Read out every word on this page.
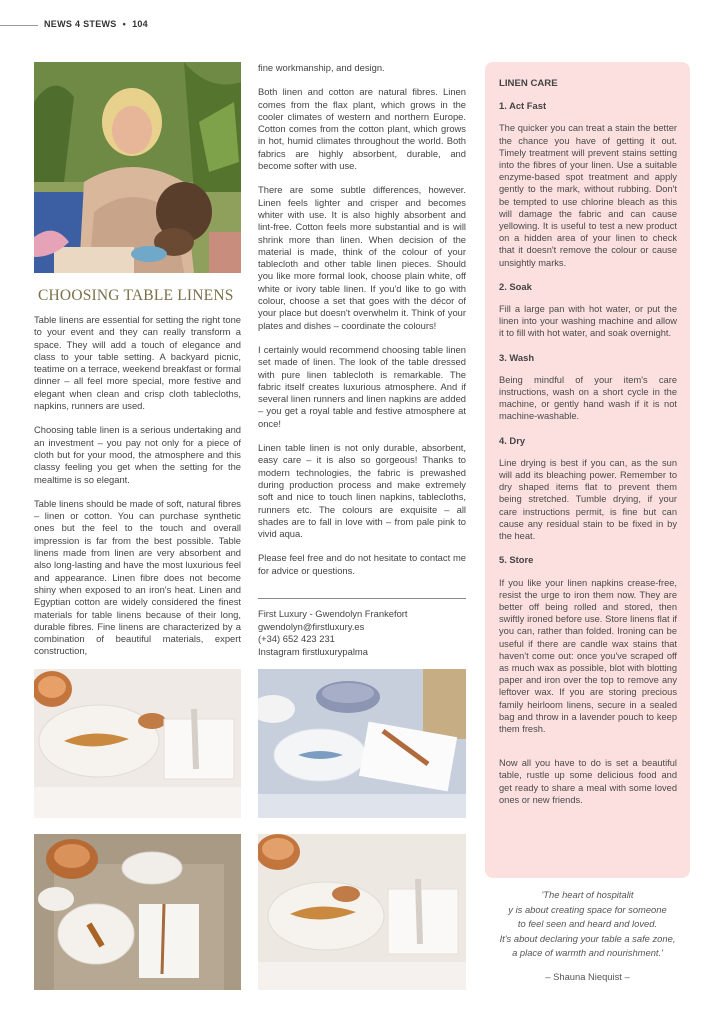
NEWS 4 STEWS • 104
CHOOSING TABLE LINENS

Table linens are essential for setting the right tone to your event and they can really transform a space. They will add a touch of elegance and class to your table setting. A backyard picnic, teatime on a terrace, weekend breakfast or formal dinner – all feel more special, more festive and elegant when clean and crisp cloth tablecloths, napkins, runners are used.

Choosing table linen is a serious undertaking and an investment – you pay not only for a piece of cloth but for your mood, the atmosphere and this classy feeling you get when the setting for the mealtime is so elegant.

Table linens should be made of soft, natural fibres – linen or cotton. You can purchase synthetic ones but the feel to the touch and overall impression is far from the best possible. Table linens made from linen are very absorbent and also long-lasting and have the most luxurious feel and appearance. Linen fibre does not become shiny when exposed to an iron's heat. Linen and Egyptian cotton are widely considered the finest materials for table linens because of their long, durable fibres. Fine linens are characterized by a combination of beautiful materials, expert construction,

fine workmanship, and design.

Both linen and cotton are natural fibres. Linen comes from the flax plant, which grows in the cooler climates of western and northern Europe. Cotton comes from the cotton plant, which grows in hot, humid climates throughout the world. Both fabrics are highly absorbent, durable, and become softer with use.

There are some subtle differences, however. Linen feels lighter and crisper and becomes whiter with use. It is also highly absorbent and lint-free. Cotton feels more substantial and is will shrink more than linen. When decision of the material is made, think of the colour of your tablecloth and other table linen pieces. Should you like more formal look, choose plain white, off white or ivory table linen. If you'd like to go with colour, choose a set that goes with the décor of your place but doesn't overwhelm it. Think of your plates and dishes – coordinate the colours!

I certainly would recommend choosing table linen set made of linen. The look of the table dressed with pure linen tablecloth is remarkable. The fabric itself creates luxurious atmosphere. And if several linen runners and linen napkins are added – you get a royal table and festive atmosphere at once!

Linen table linen is not only durable, absorbent, easy care – it is also so gorgeous! Thanks to modern technologies, the fabric is prewashed during production process and make extremely soft and nice to touch linen napkins, tablecloths, runners etc. The colours are exquisite – all shades are to fall in love with – from pale pink to vivid aqua.

Please feel free and do not hesitate to contact me for advice or questions.

First Luxury - Gwendolyn Frankefort
gwendolyn@firstluxury.es
(+34) 652 423 231
Instagram firstluxurypalma
LINEN CARE
1. Act Fast

The quicker you can treat a stain the better the chance you have of getting it out. Timely treatment will prevent stains setting into the fibres of your linen. Use a suitable enzyme-based spot treatment and apply gently to the mark, without rubbing. Don't be tempted to use chlorine bleach as this will damage the fabric and can cause yellowing. It is useful to test a new product on a hidden area of your linen to check that it doesn't remove the colour or cause unsightly marks.

2. Soak

Fill a large pan with hot water, or put the linen into your washing machine and allow it to fill with hot water, and soak overnight.

3. Wash

Being mindful of your item's care instructions, wash on a short cycle in the machine, or gently hand wash if it is not machine-washable.

4. Dry

Line drying is best if you can, as the sun will add its bleaching power. Remember to dry shaped items flat to prevent them being stretched. Tumble drying, if your care instructions permit, is fine but can cause any residual stain to be fixed in by the heat.

5. Store

If you like your linen napkins crease-free, resist the urge to iron them now. They are better off being rolled and stored, then swiftly ironed before use. Store linens flat if you can, rather than folded. Ironing can be useful if there are candle wax stains that haven't come out: once you've scraped off as much wax as possible, blot with blotting paper and iron over the top to remove any leftover wax. If you are storing precious family heirloom linens, secure in a sealed bag and throw in a lavender pouch to keep them fresh.

Now all you have to do is set a beautiful table, rustle up some delicious food and get ready to share a meal with some loved ones or new friends.

'The heart of hospitalit
y is about creating space for someone
to feel seen and heard and loved.
It's about declaring your table a safe zone,
a place of warmth and nourishment.'
– Shauna Niequist –
